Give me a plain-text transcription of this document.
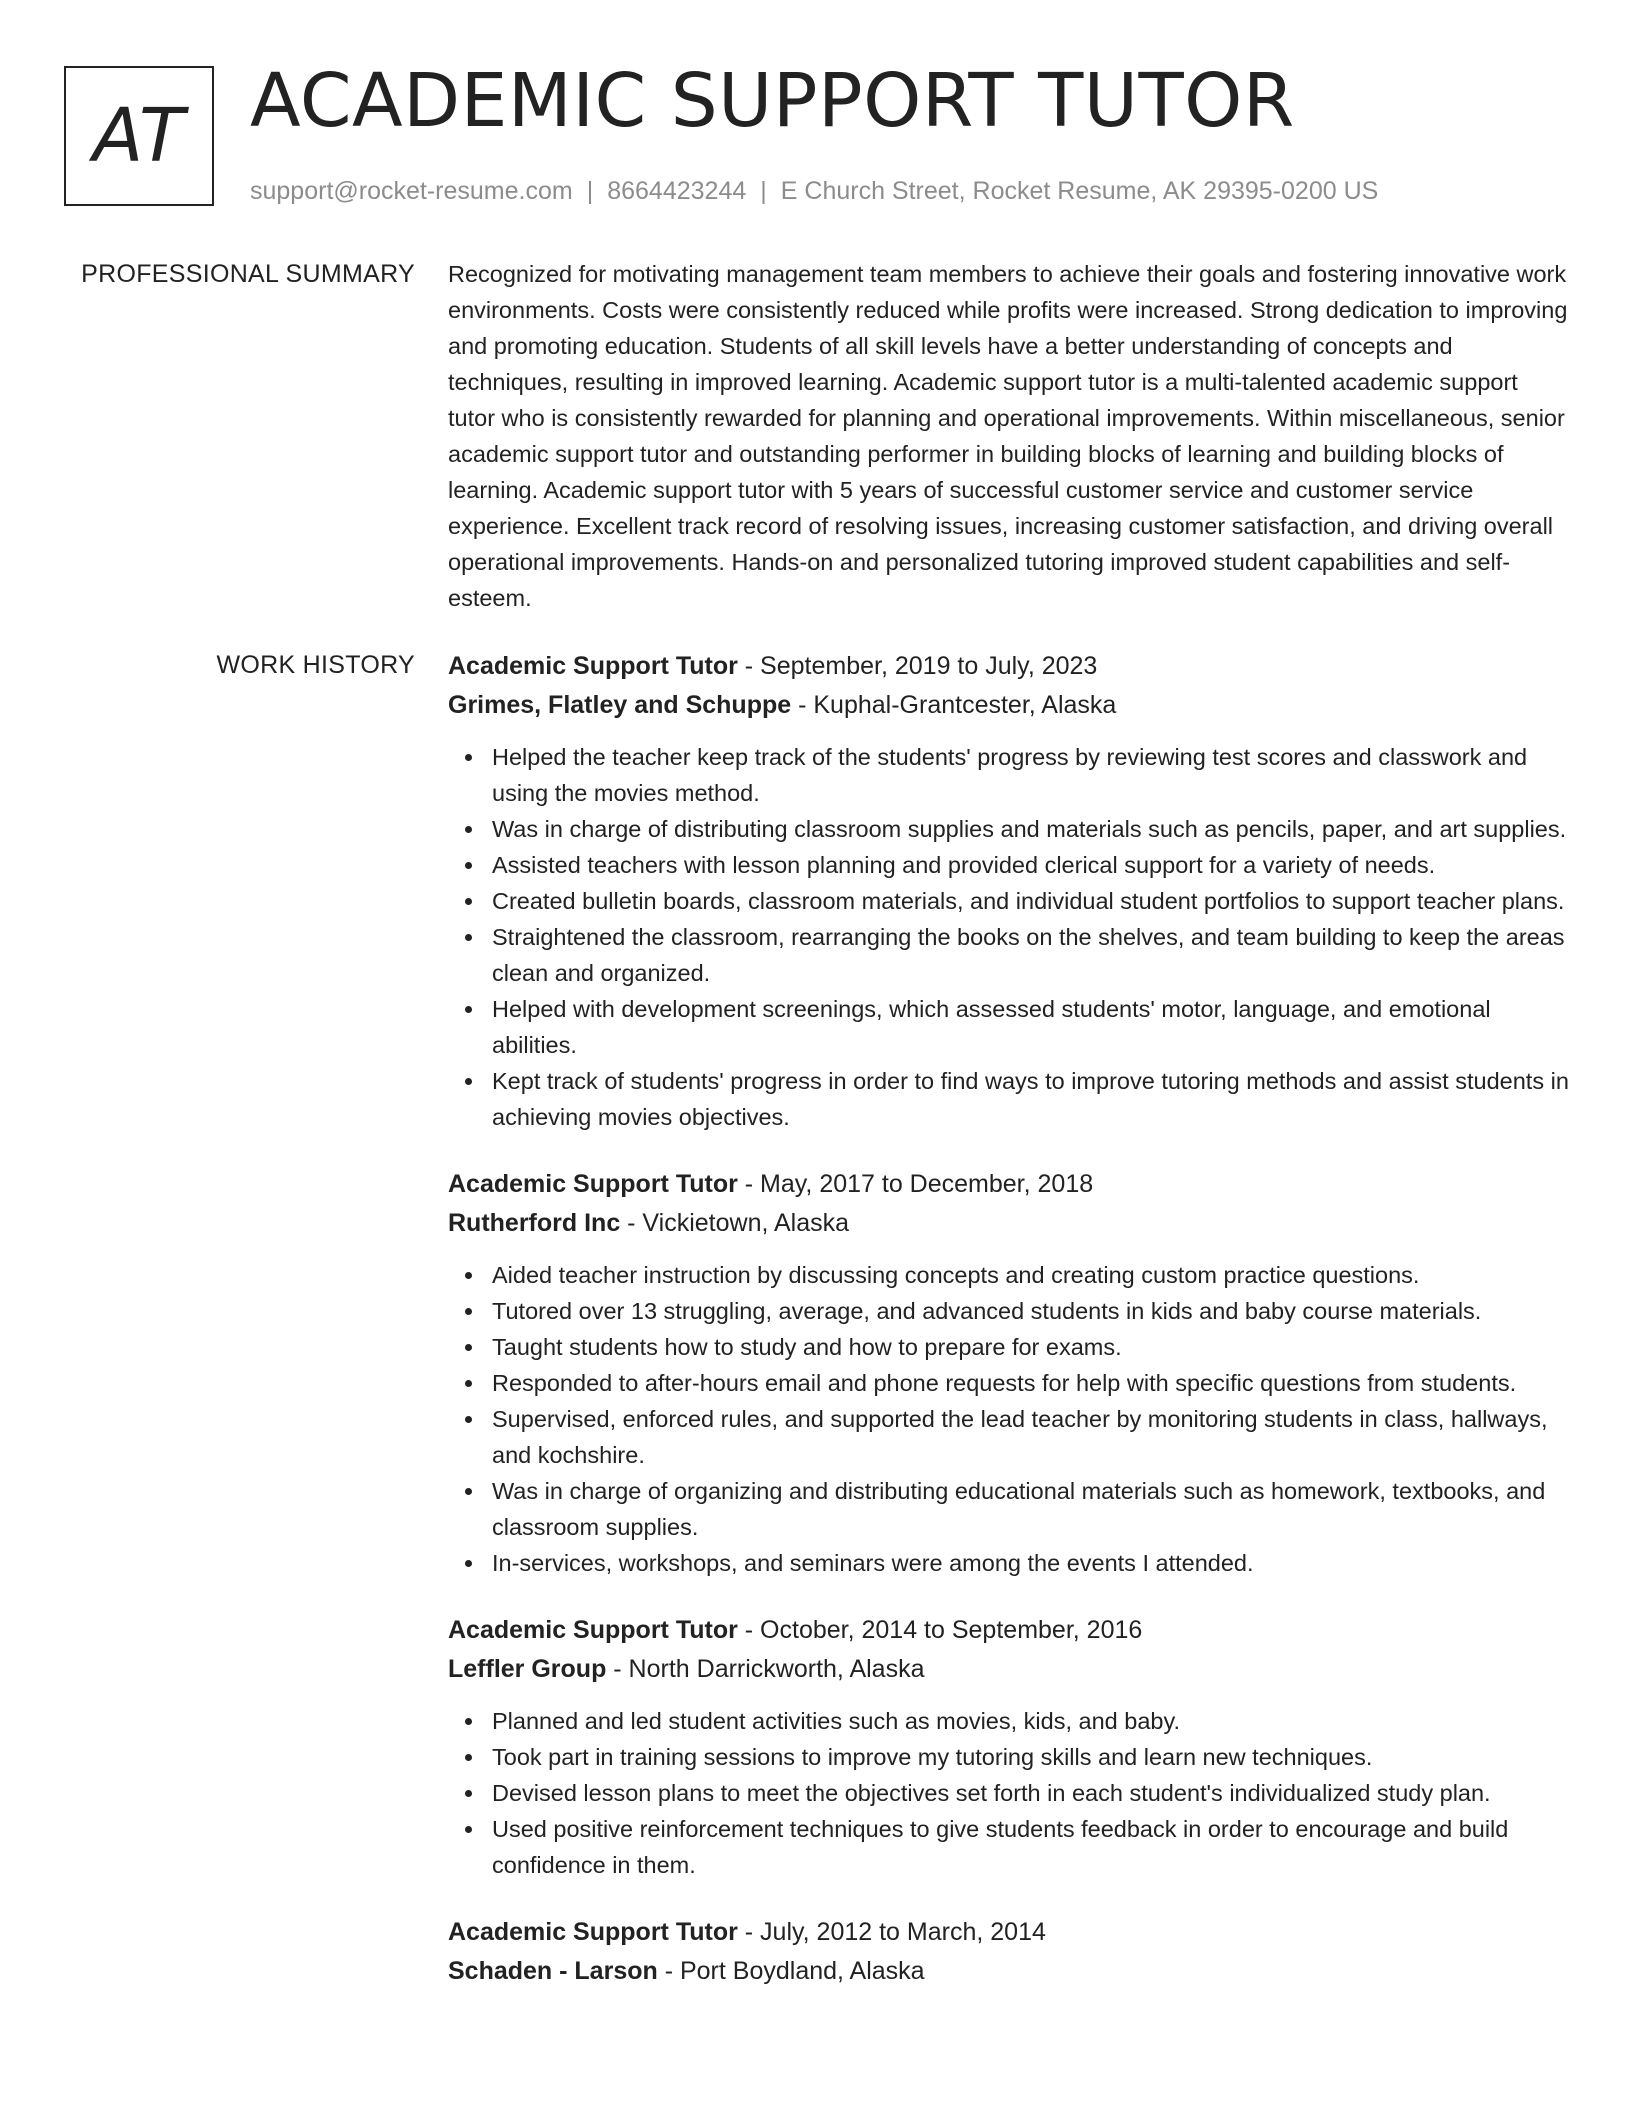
AT ACADEMIC SUPPORT TUTOR
support@rocket-resume.com | 8664423244 | E Church Street, Rocket Resume, AK 29395-0200 US
PROFESSIONAL SUMMARY Recognized for motivating management team members to achieve their goals and fostering innovative work environments. Costs were consistently reduced while profits were increased. Strong dedication to improving and promoting education. Students of all skill levels have a better understanding of concepts and techniques, resulting in improved learning. Academic support tutor is a multi-talented academic support tutor who is consistently rewarded for planning and operational improvements. Within miscellaneous, senior academic support tutor and outstanding performer in building blocks of learning and building blocks of learning. Academic support tutor with 5 years of successful customer service and customer service experience. Excellent track record of resolving issues, increasing customer satisfaction, and driving overall operational improvements. Hands-on and personalized tutoring improved student capabilities and self-esteem.

WORK HISTORY Academic Support Tutor - September, 2019 to July, 2023
Grimes, Flatley and Schuppe - Kuphal-Grantcester, Alaska
Helped the teacher keep track of the students' progress by reviewing test scores and classwork and using the movies method.
Was in charge of distributing classroom supplies and materials such as pencils, paper, and art supplies.
Assisted teachers with lesson planning and provided clerical support for a variety of needs.
Created bulletin boards, classroom materials, and individual student portfolios to support teacher plans.
Straightened the classroom, rearranging the books on the shelves, and team building to keep the areas clean and organized.
Helped with development screenings, which assessed students' motor, language, and emotional abilities.
Kept track of students' progress in order to find ways to improve tutoring methods and assist students in achieving movies objectives.
Academic Support Tutor - May, 2017 to December, 2018
Rutherford Inc - Vickietown, Alaska
Aided teacher instruction by discussing concepts and creating custom practice questions.
Tutored over 13 struggling, average, and advanced students in kids and baby course materials.
Taught students how to study and how to prepare for exams.
Responded to after-hours email and phone requests for help with specific questions from students.
Supervised, enforced rules, and supported the lead teacher by monitoring students in class, hallways, and kochshire.
Was in charge of organizing and distributing educational materials such as homework, textbooks, and classroom supplies.
In-services, workshops, and seminars were among the events I attended.
Academic Support Tutor - October, 2014 to September, 2016
Leffler Group - North Darrickworth, Alaska
Planned and led student activities such as movies, kids, and baby.
Took part in training sessions to improve my tutoring skills and learn new techniques.
Devised lesson plans to meet the objectives set forth in each student's individualized study plan.
Used positive reinforcement techniques to give students feedback in order to encourage and build confidence in them.
Academic Support Tutor - July, 2012 to March, 2014
Schaden - Larson - Port Boydland, Alaska
